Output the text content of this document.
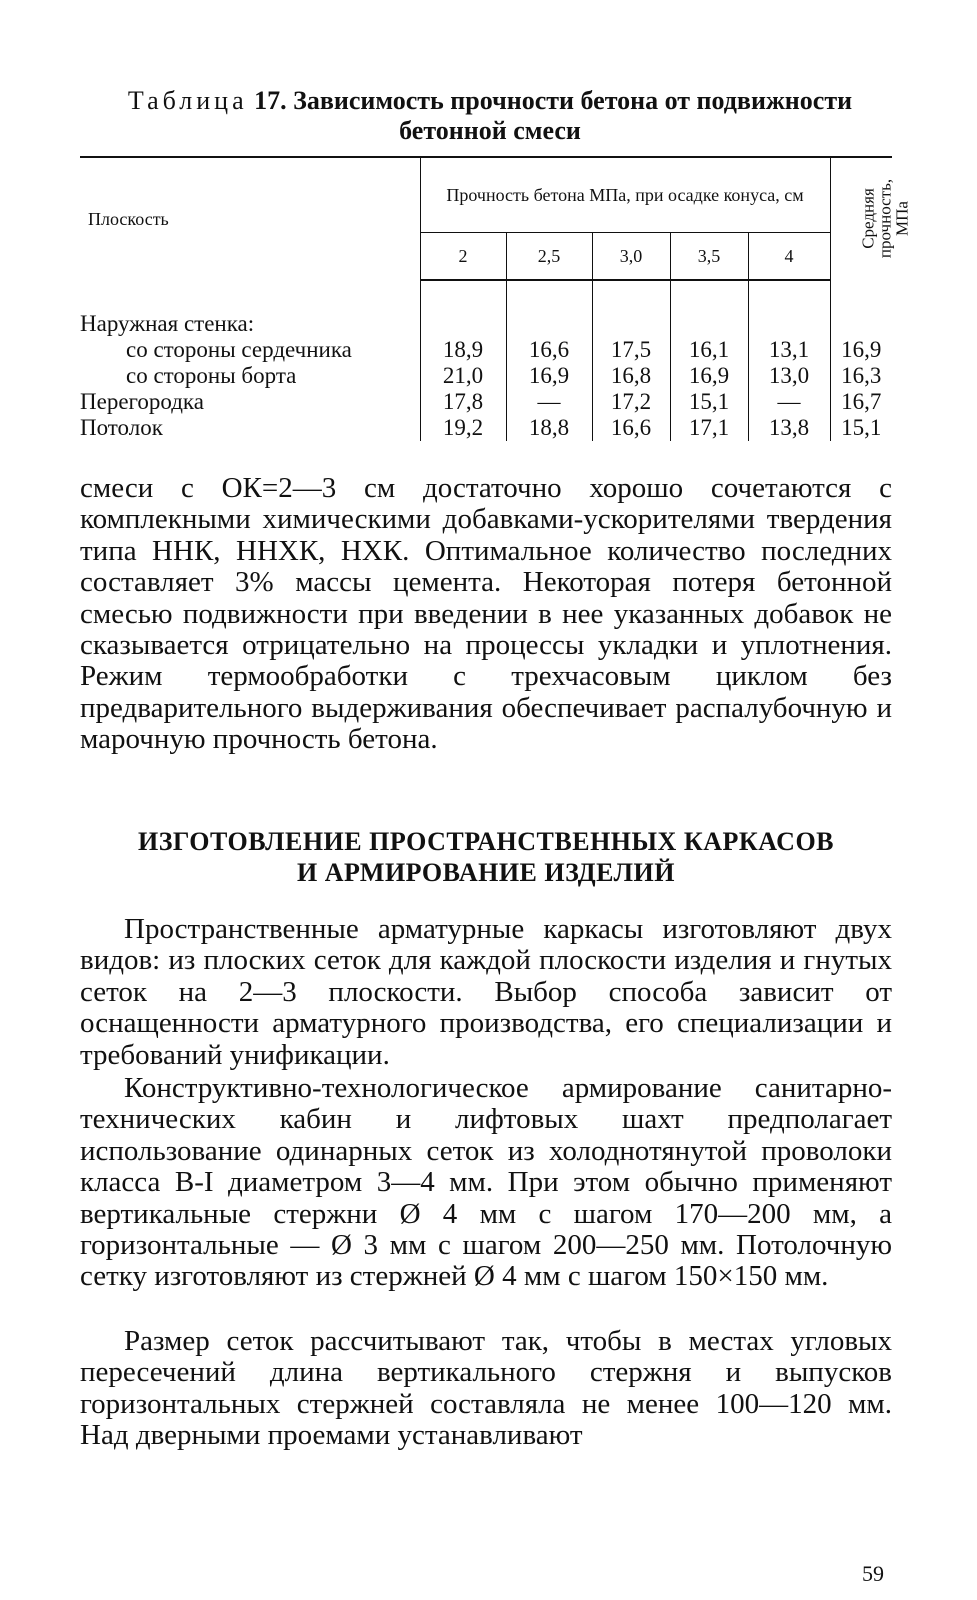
Таблица 17. Зависимость прочности бетона от подвижности бетонной смеси
Плоскость	Прочность бетона МПа, при осадке конуса, см					Средняя прочность, МПа
	2	2,5	3,0	3,5	4	
Наружная стенка:						
со стороны сердечника	18,9	16,6	17,5	16,1	13,1	16,9
со стороны борта	21,0	16,9	16,8	16,9	13,0	16,3
Перегородка	17,8	—	17,2	15,1	—	16,7
Потолок	19,2	18,8	16,6	17,1	13,8	15,1

смеси с ОК=2—3 см достаточно хорошо сочетаются с комплекными химическими добавками-ускорителями твердения типа ННК, ННХК, НХК. Оптимальное количество последних составляет 3% массы цемента. Некоторая потеря бетонной смесью подвижности при введении в нее указанных добавок не сказывается отрицательно на процессы укладки и уплотнения. Режим термообработки с трехчасовым циклом без предварительного выдерживания обеспечивает распалубочную и марочную прочность бетона.

ИЗГОТОВЛЕНИЕ ПРОСТРАНСТВЕННЫХ КАРКАСОВ
И АРМИРОВАНИЕ ИЗДЕЛИЙ

Пространственные арматурные каркасы изготовляют двух видов: из плоских сеток для каждой плоскости изделия и гнутых сеток на 2—3 плоскости. Выбор способа зависит от оснащенности арматурного производства, его специализации и требований унификации.

Конструктивно-технологическое армирование санитарно-технических кабин и лифтовых шахт предполагает использование одинарных сеток из холоднотянутой проволоки класса В-I диаметром 3—4 мм. При этом обычно применяют вертикальные стержни Ø 4 мм с шагом 170—200 мм, а горизонтальные — Ø 3 мм с шагом 200—250 мм. Потолочную сетку изготовляют из стержней Ø 4 мм с шагом 150×150 мм.

Размер сеток рассчитывают так, чтобы в местах угловых пересечений длина вертикального стержня и выпусков горизонтальных стержней составляла не менее 100—120 мм. Над дверными проемами устанавливают

59
